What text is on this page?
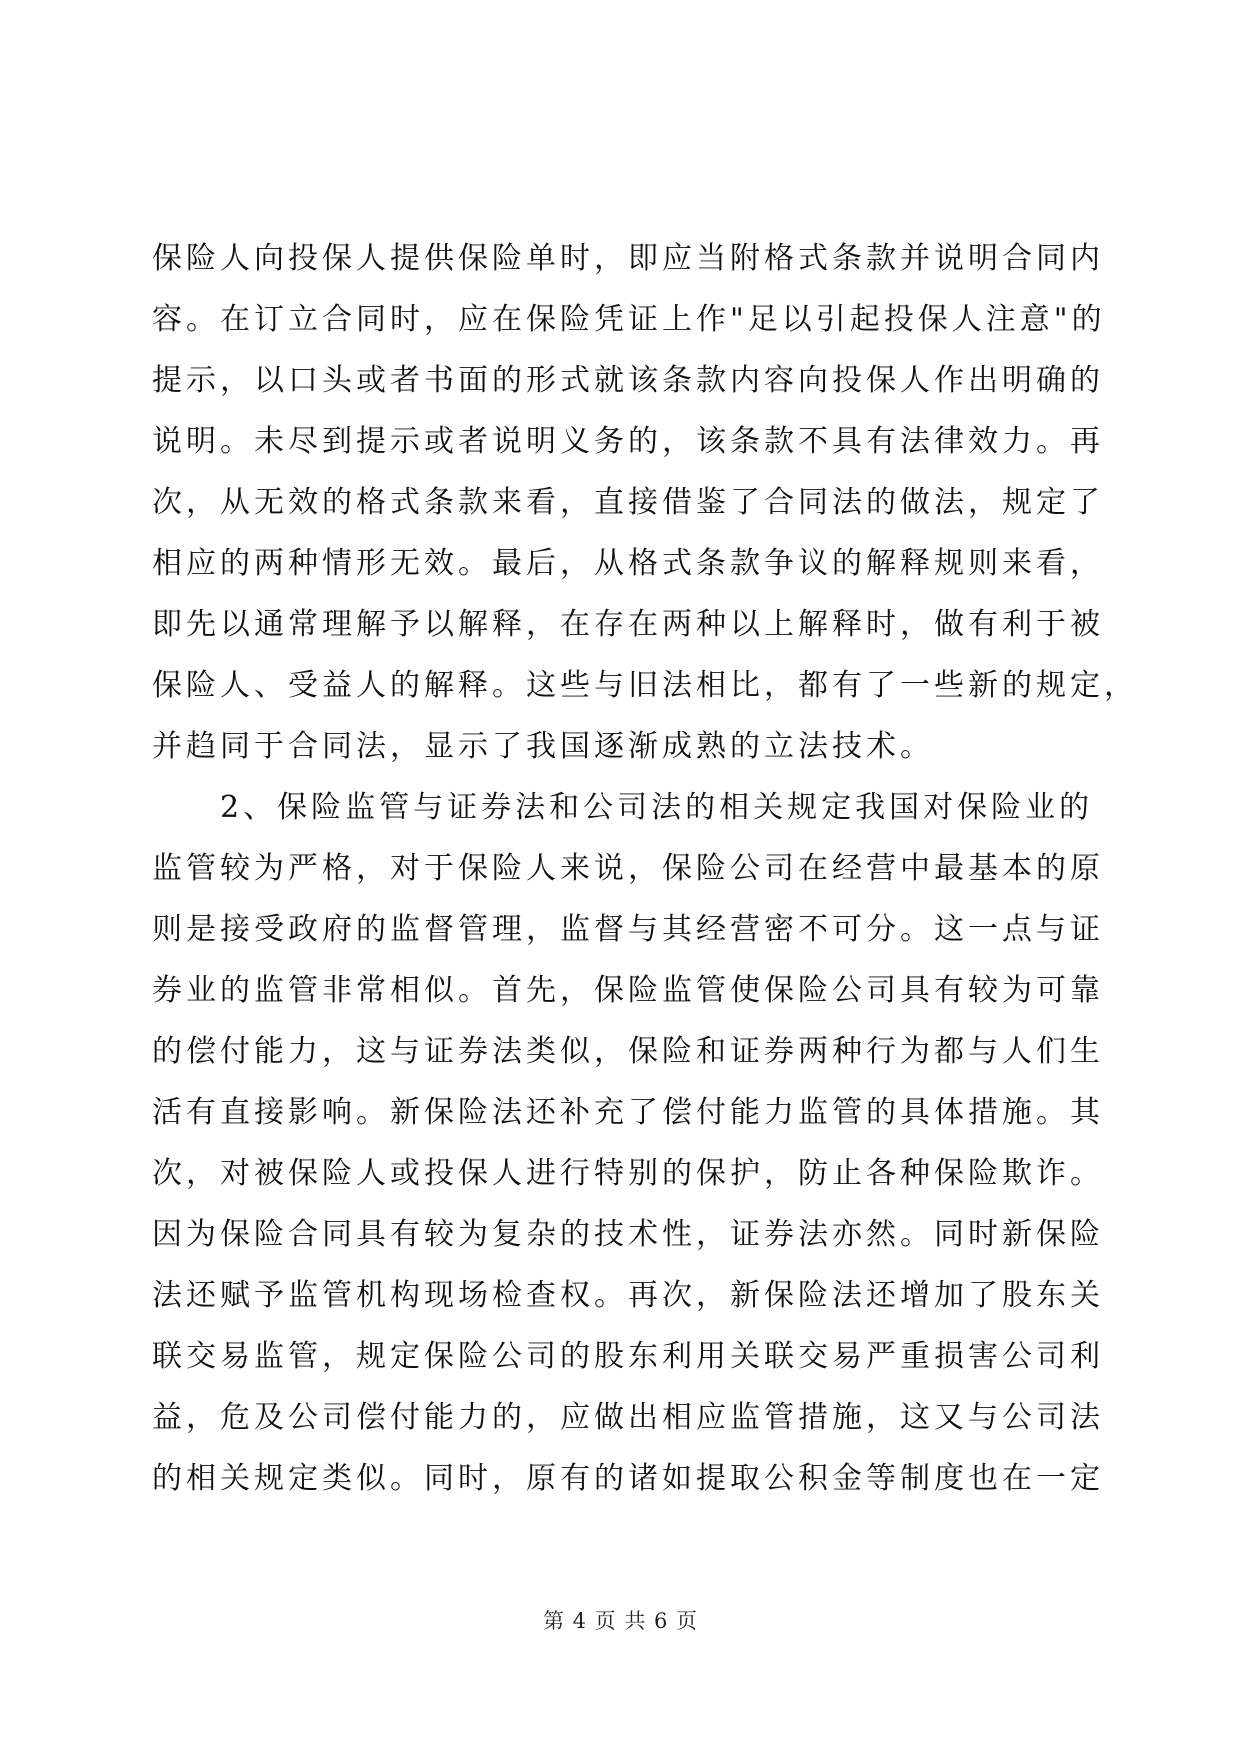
保险人向投保人提供保险单时，即应当附格式条款并说明合同内
容。在订立合同时，应在保险凭证上作"足以引起投保人注意"的
提示，以口头或者书面的形式就该条款内容向投保人作出明确的
说明。未尽到提示或者说明义务的，该条款不具有法律效力。再
次，从无效的格式条款来看，直接借鉴了合同法的做法，规定了
相应的两种情形无效。最后，从格式条款争议的解释规则来看，
即先以通常理解予以解释，在存在两种以上解释时，做有利于被
保险人、受益人的解释。这些与旧法相比，都有了一些新的规定，
并趋同于合同法，显示了我国逐渐成熟的立法技术。
　　2、保险监管与证券法和公司法的相关规定我国对保险业的
监管较为严格，对于保险人来说，保险公司在经营中最基本的原
则是接受政府的监督管理，监督与其经营密不可分。这一点与证
券业的监管非常相似。首先，保险监管使保险公司具有较为可靠
的偿付能力，这与证券法类似，保险和证券两种行为都与人们生
活有直接影响。新保险法还补充了偿付能力监管的具体措施。其
次，对被保险人或投保人进行特别的保护，防止各种保险欺诈。
因为保险合同具有较为复杂的技术性，证券法亦然。同时新保险
法还赋予监管机构现场检查权。再次，新保险法还增加了股东关
联交易监管，规定保险公司的股东利用关联交易严重损害公司利
益，危及公司偿付能力的，应做出相应监管措施，这又与公司法
的相关规定类似。同时，原有的诸如提取公积金等制度也在一定
第 4 页 共 6 页
